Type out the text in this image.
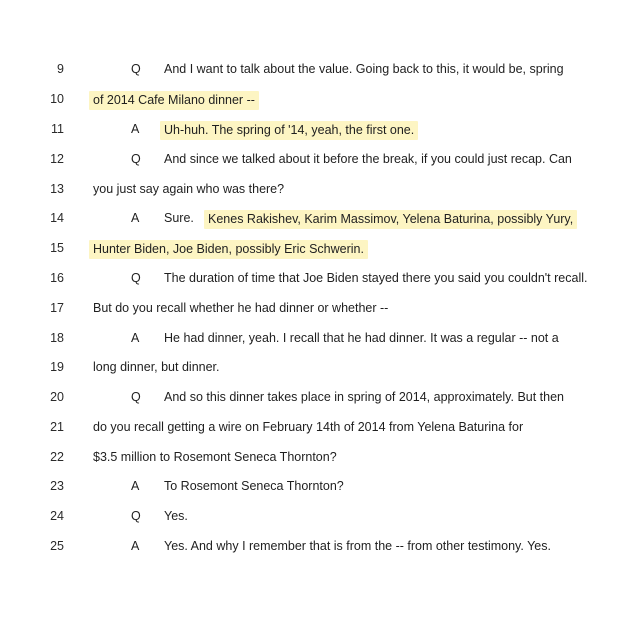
9	Q And I want to talk about the value. Going back to this, it would be, spring
10	of 2014 Cafe Milano dinner --
11	A	Uh-huh. The spring of '14, yeah, the first one.
12	Q And since we talked about it before the break, if you could just recap. Can
13 you just say again who was there?
14	A Sure.	Kenes Rakishev, Karim Massimov, Yelena Baturina, possibly Yury,
15	Hunter Biden, Joe Biden, possibly Eric Schwerin.
16	Q The duration of time that Joe Biden stayed there you said you couldn't recall.
17 But do you recall whether he had dinner or whether --
18	A He had dinner, yeah. I recall that he had dinner. It was a regular -- not a
19 long dinner, but dinner.
20	Q And so this dinner takes place in spring of 2014, approximately. But then
21 do you recall getting a wire on February 14th of 2014 from Yelena Baturina for
22 $3.5 million to Rosemont Seneca Thornton?
23	A To Rosemont Seneca Thornton?
24	Q Yes.
25	A Yes. And why I remember that is from the -- from other testimony. Yes.
